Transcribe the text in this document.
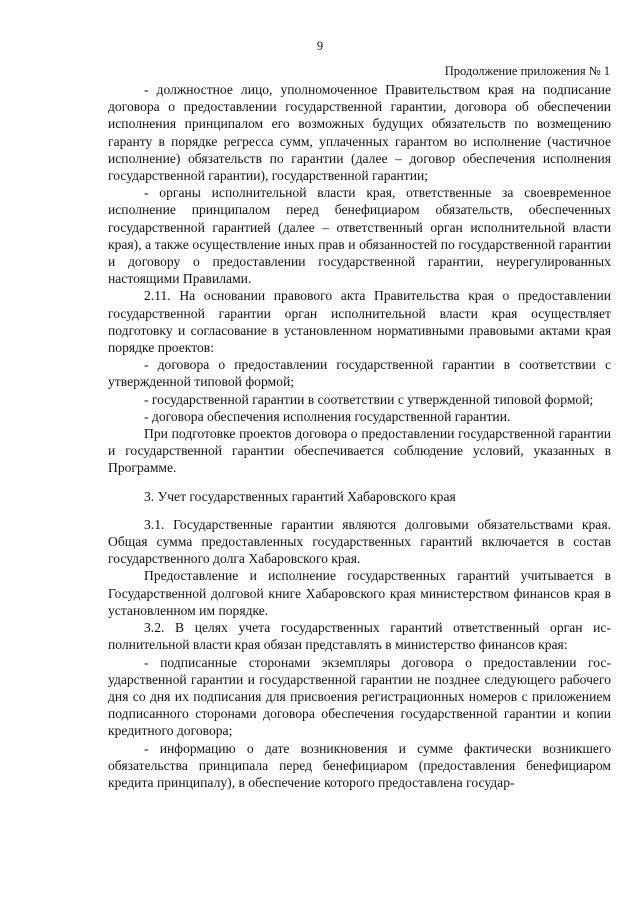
9
Продолжение приложения № 1

- должностное лицо, уполномоченное Правительством края на подписание договора о предоставлении государственной гарантии, договора об обеспечении исполнения принципалом его возможных будущих обязательств по возмещению гаранту в порядке регресса сумм, уплаченных гарантом во исполнение (частичное исполнение) обязательств по гарантии (далее – договор обеспечения исполнения государственной гарантии), государственной гарантии;

- органы исполнительной власти края, ответственные за своевременное исполнение принципалом перед бенефициаром обязательств, обеспеченных государственной гарантией (далее – ответственный орган исполнительной власти края), а также осуществление иных прав и обязанностей по государственной гарантии и договору о предоставлении государственной гарантии, неурегулированных настоящими Правилами.

2.11. На основании правового акта Правительства края о предоставлении государственной гарантии орган исполнительной власти края осуществляет подготовку и согласование в установленном нормативными правовыми актами края порядке проектов:

- договора о предоставлении государственной гарантии в соответствии с утвержденной типовой формой;

- государственной гарантии в соответствии с утвержденной типовой формой;

- договора обеспечения исполнения государственной гарантии.

При подготовке проектов договора о предоставлении государственной гарантии и государственной гарантии обеспечивается соблюдение условий, указанных в Программе.

3. Учет государственных гарантий Хабаровского края

3.1. Государственные гарантии являются долговыми обязательствами края. Общая сумма предоставленных государственных гарантий включается в состав государственного долга Хабаровского края.

Предоставление и исполнение государственных гарантий учитывается в Государственной долговой книге Хабаровского края министерством финансов края в установленном им порядке.

3.2. В целях учета государственных гарантий ответственный орган исполнительной власти края обязан представлять в министерство финансов края:

- подписанные сторонами экземпляры договора о предоставлении государственной гарантии и государственной гарантии не позднее следующего рабочего дня со дня их подписания для присвоения регистрационных номеров с приложением подписанного сторонами договора обеспечения государственной гарантии и копии кредитного договора;

- информацию о дате возникновения и сумме фактически возникшего обязательства принципала перед бенефициаром (предоставления бенефициаром кредита принципалу), в обеспечение которого предоставлена государ-
